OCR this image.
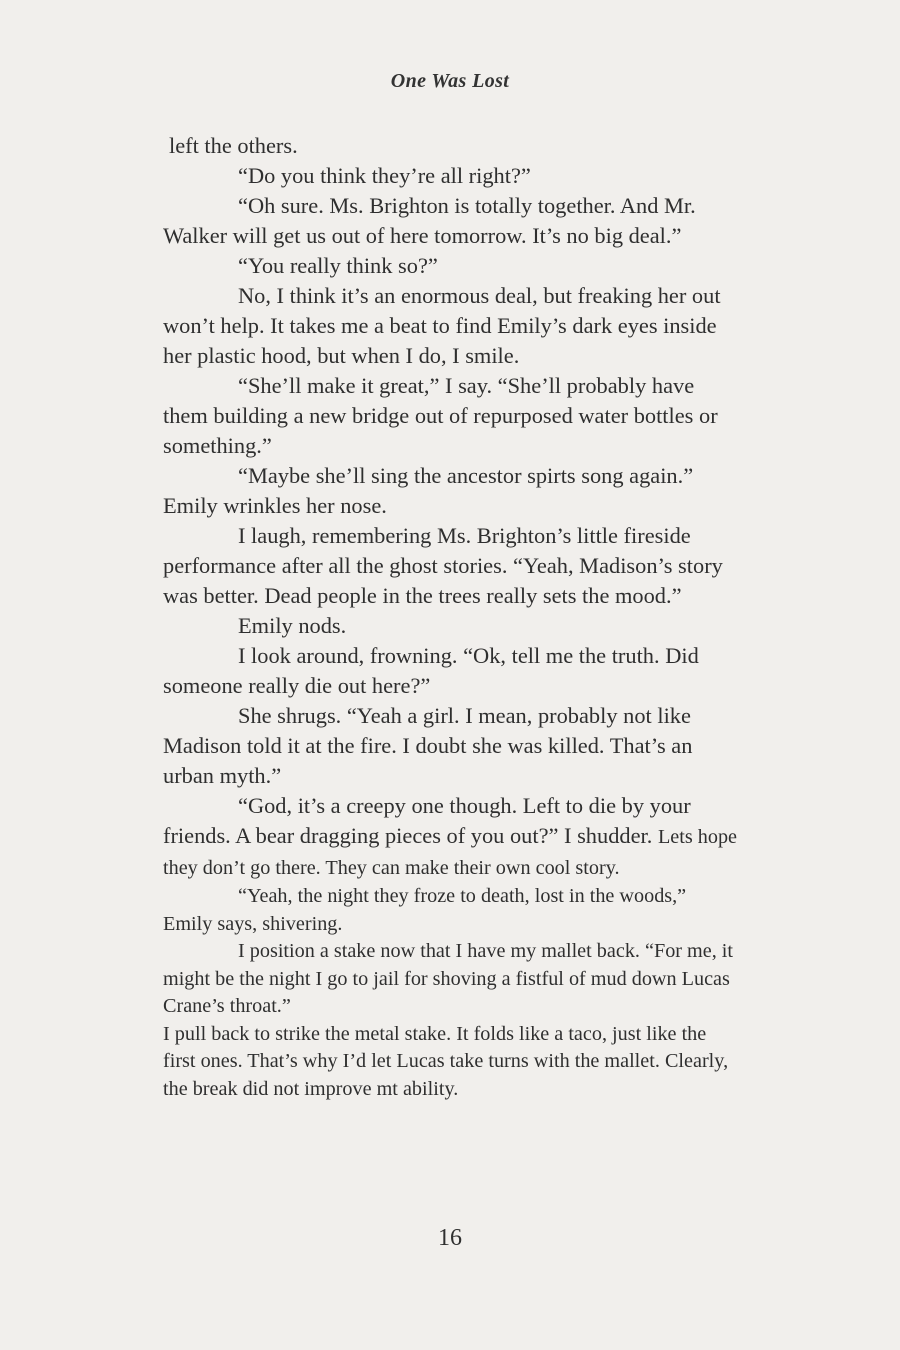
One Was Lost

left the others.

“Do you think they’re all right?”

“Oh sure. Ms. Brighton is totally together. And Mr. Walker will get us out of here tomorrow. It’s no big deal.”

“You really think so?”

No, I think it’s an enormous deal, but freaking her out won’t help. It takes me a beat to find Emily’s dark eyes inside her plastic hood, but when I do, I smile.

“She’ll make it great,” I say. “She’ll probably have them building a new bridge out of repurposed water bottles or something.”

“Maybe she’ll sing the ancestor spirts song again.” Emily wrinkles her nose.

I laugh, remembering Ms. Brighton’s little fireside performance after all the ghost stories. “Yeah, Madison’s story was better. Dead people in the trees really sets the mood.”

Emily nods.

I look around, frowning. “Ok, tell me the truth. Did someone really die out here?”

She shrugs. “Yeah a girl. I mean, probably not like Madison told it at the fire. I doubt she was killed. That’s an urban myth.”

“God, it’s a creepy one though. Left to die by your friends. A bear dragging pieces of you out?” I shudder. Lets hope they don’t go there. They can make their own cool story.

“Yeah, the night they froze to death, lost in the woods,” Emily says, shivering.

I position a stake now that I have my mallet back. “For me, it might be the night I go to jail for shoving a fistful of mud down Lucas Crane’s throat.”

I pull back to strike the metal stake. It folds like a taco, just like the first ones. That’s why I’d let Lucas take turns with the mallet. Clearly, the break did not improve mt ability.

16
